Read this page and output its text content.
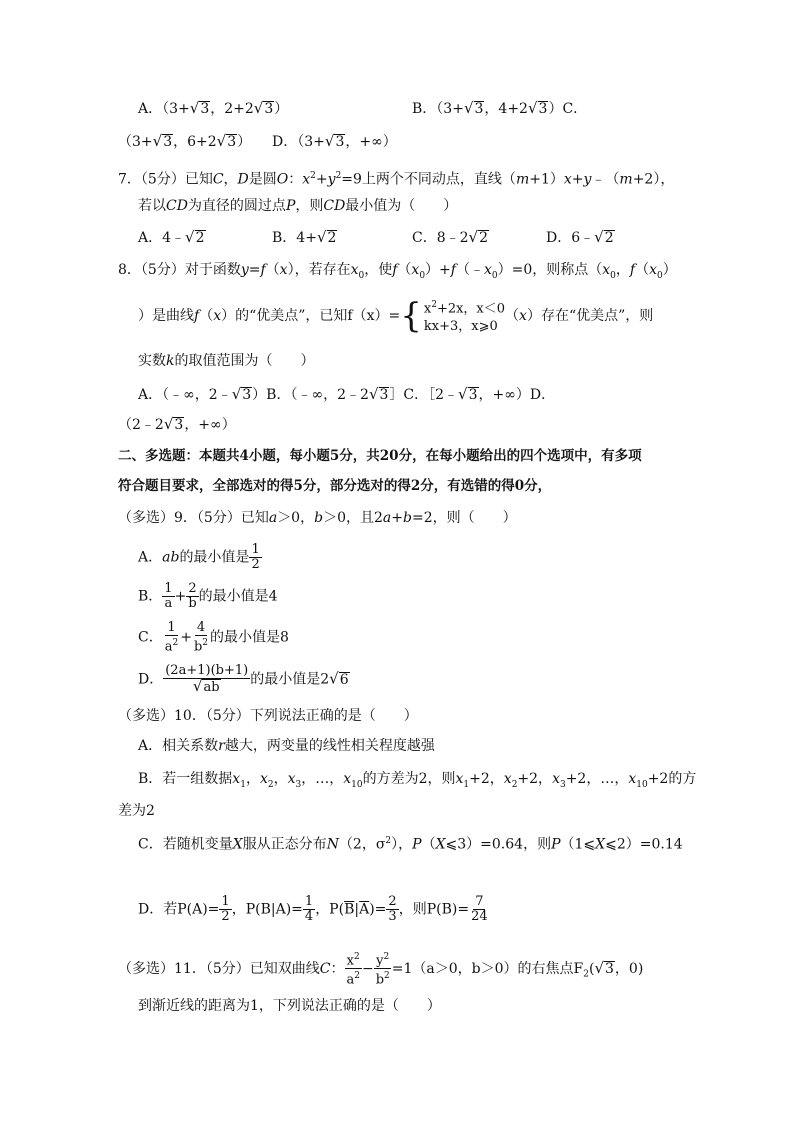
A．（3+√3，2+2√3）	B．（3+√3，4+2√3）C．
（3+√3，6+2√3） D．（3+√3，+∞）
7．（5分）已知C，D是圆O：$x^2+y^2=9$上两个不同动点，直线（m+1）x+y﹣（m+2），
若以CD为直径的圆过点P，则CD最小值为（　　）
A．4﹣√2	B．4+√2	C．8﹣2√2	D．6﹣√2
8．（5分）对于函数y=f（x），若存在$x_0$，使$f(x_0)+f(﹣x_0)=0$，则称点（$x_0$，$f(x_0)$
）是曲线f（x）的“优美点”，已知f（x）={ $x^2+2x$，x＜0
kx+3，x⩾0
（x）存在“优美点”，则
实数k的取值范围为（　　）
A．（﹣∞，2﹣√3）B．（﹣∞，2﹣2√3］C．［2﹣√3，+∞）D．
（2﹣2√3，+∞）
二、多选题：本题共4小题，每小题5分，共20分，在每小题给出的四个选项中，有多项
符合题目要求，全部选对的得5分，部分选对的得2分，有选错的得0分，
（多选）9．（5分）已知a＞0，b＞0，且2a+b=2，则（　　）
A．ab的最小值是 $\frac{1}{2}$
B． $\frac{1}{a} + \frac{2}{b}$ 的最小值是4
C． $\frac{1}{a^2} + \frac{4}{b^2}$ 的最小值是8
D． $\frac{(2a+1)(b+1)}{√ab}$ 的最小值是2√6
（多选）10．（5分）下列说法正确的是（　　）
A．相关系数r越大，两变量的线性相关程度越强
B．若一组数据$x_1$，$x_2$，$x_3$，…，$x_{10}$的方差为2，则$x_1+2$，$x_2+2$，$x_3+2$，…，$x_{10}+2$的方
差为2
C．若随机变量X服从正态分布N（2，$\sigma^2$），P（X⩽3）=0.64，则P（1⩽X⩽2）=0.14
D．若$P(A)= \frac{1}{2}$ ，$P(B|A)= \frac{1}{4}$ ，$P(\overline{B}|\overline{A})= \frac{2}{3}$ ，则$P(B)= \frac{7}{24}$
（多选）11．（5分）已知双曲线C： $\frac{x^2}{a^2} - \frac{y^2}{b^2} =1(a>0$，b＞0）的右焦点$F_2(√3$，0)
到渐近线的距离为1，下列说法正确的是（　　）
